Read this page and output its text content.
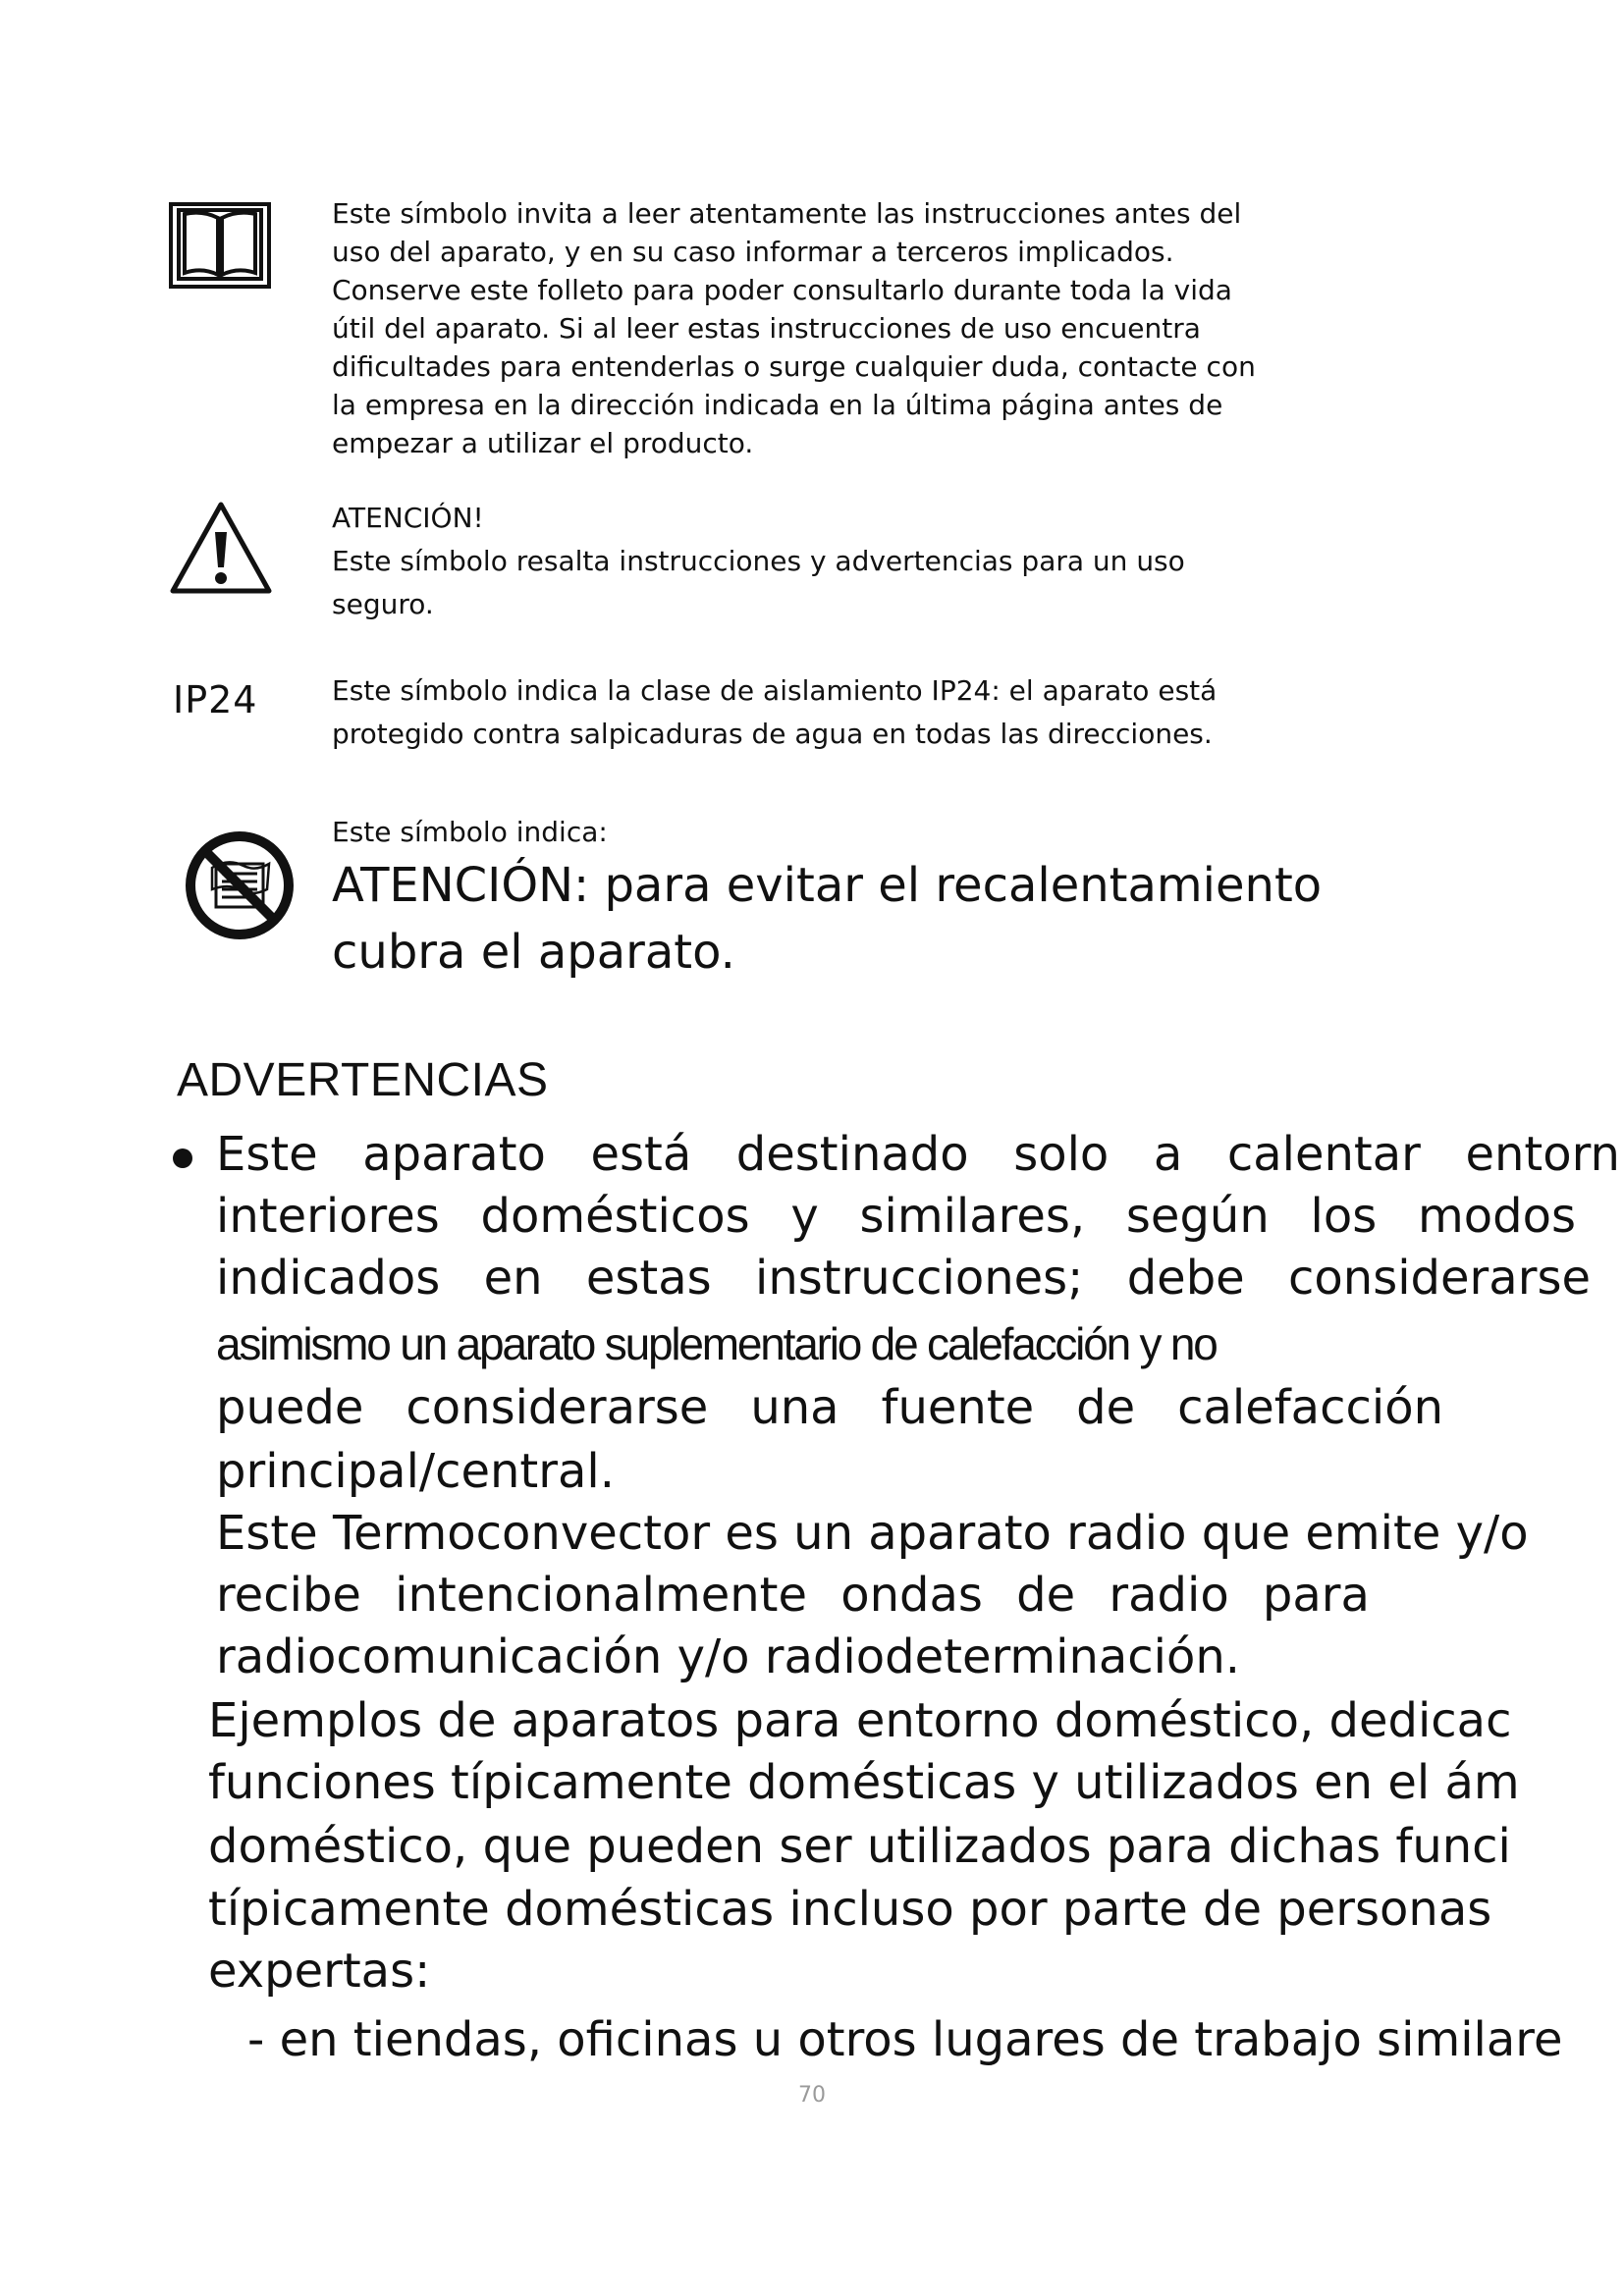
Este símbolo invita a leer atentamente las instrucciones antes del
uso del aparato, y en su caso informar a terceros implicados.
Conserve este folleto para poder consultarlo durante toda la vida
útil del aparato. Si al leer estas instrucciones de uso encuentra
dificultades para entenderlas o surge cualquier duda, contacte con
la empresa en la dirección indicada en la última página antes de
empezar a utilizar el producto.
ATENCIÓN!
Este símbolo resalta instrucciones y advertencias para un uso
seguro.
IP24	Este símbolo indica la clase de aislamiento IP24: el aparato está
protegido contra salpicaduras de agua en todas las direcciones.
Este símbolo indica:
ATENCIÓN: para evitar el recalentamiento
cubra el aparato.
ADVERTENCIAS
Este aparato está destinado solo a calentar entorn
interiores domésticos y similares, según los modos
indicados en estas instrucciones; debe considerarse
asimismo un aparato suplementario de calefacción y no
puede considerarse una fuente de calefacción
principal/central.
Este Termoconvector es un aparato radio que emite y/o
recibe intencionalmente ondas de radio para
radiocomunicación y/o radiodeterminación.
Ejemplos de aparatos para entorno doméstico, dedicac
funciones típicamente domésticas y utilizados en el ám
doméstico, que pueden ser utilizados para dichas funci
típicamente domésticas incluso por parte de personas
expertas:
- en tiendas, oficinas u otros lugares de trabajo similare
70
